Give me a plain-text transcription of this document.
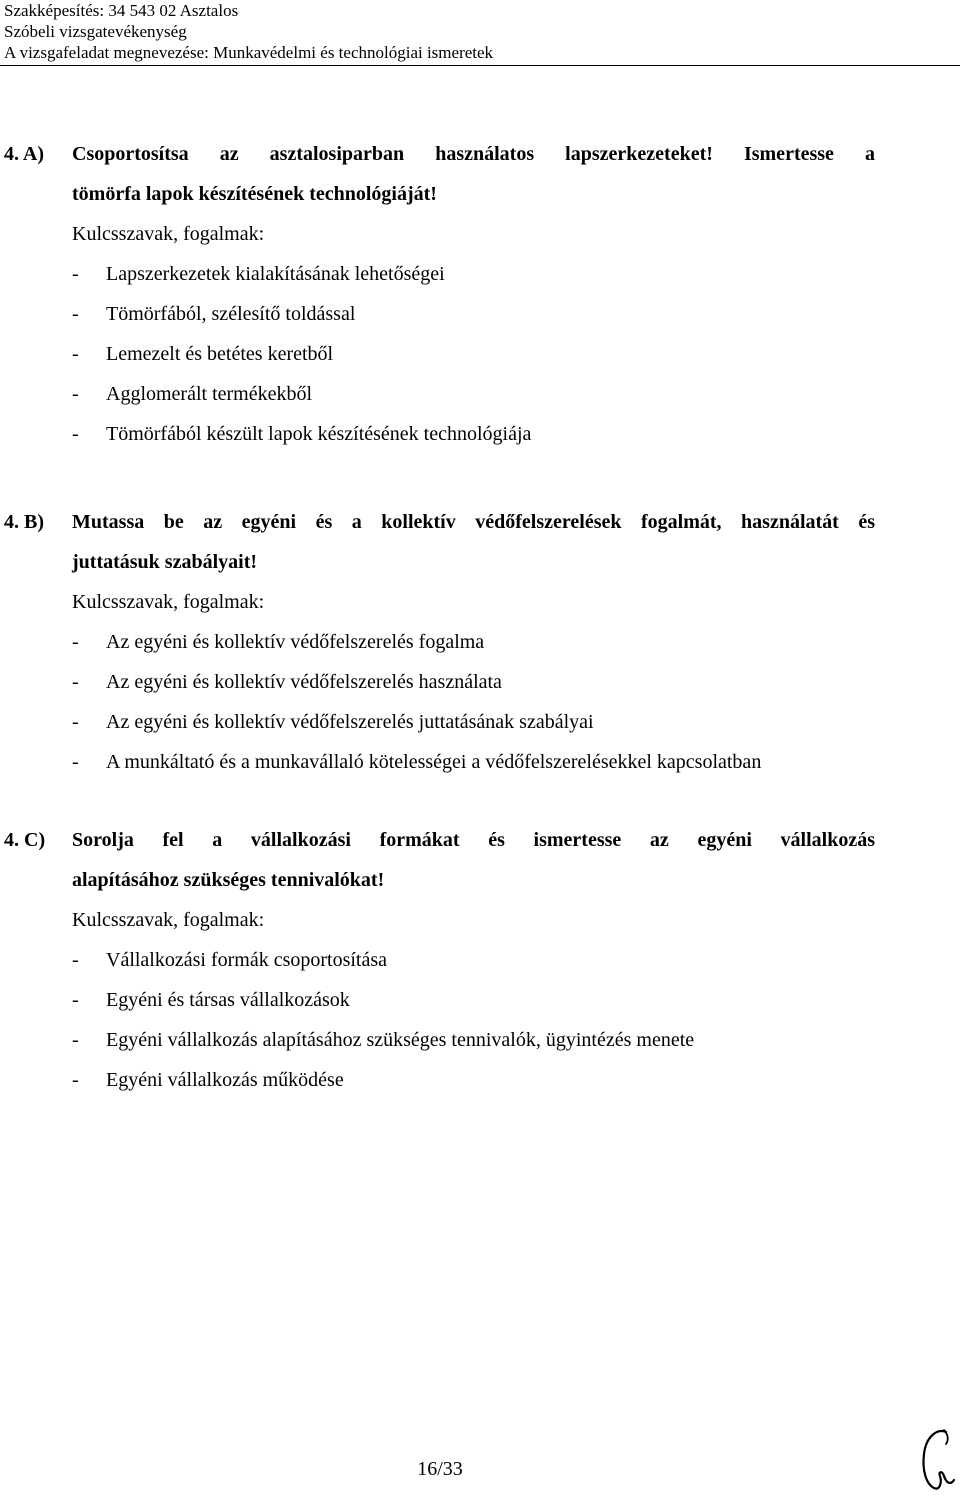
Szakképesítés: 34 543 02 Asztalos
Szóbeli vizsgatevékenység
A vizsgafeladat megnevezése: Munkavédelmi és technológiai ismeretek
4. A) Csoportosítsa az asztalosiparban használatos lapszerkezeteket! Ismertesse a
tömörfa lapok készítésének technológiáját!
Kulcsszavak, fogalmak:
- Lapszerkezetek kialakításának lehetőségei
- Tömörfából, szélesítő toldással
- Lemezelt és betétes keretből
- Agglomerált termékekből
- Tömörfából készült lapok készítésének technológiája
4. B) Mutassa be az egyéni és a kollektív védőfelszerelések fogalmát, használatát és
juttatásuk szabályait!
Kulcsszavak, fogalmak:
- Az egyéni és kollektív védőfelszerelés fogalma
- Az egyéni és kollektív védőfelszerelés használata
- Az egyéni és kollektív védőfelszerelés juttatásának szabályai
- A munkáltató és a munkavállaló kötelességei a védőfelszerelésekkel kapcsolatban
4. C) Sorolja fel a vállalkozási formákat és ismertesse az egyéni vállalkozás
alapításához szükséges tennivalókat!
Kulcsszavak, fogalmak:
- Vállalkozási formák csoportosítása
- Egyéni és társas vállalkozások
- Egyéni vállalkozás alapításához szükséges tennivalók, ügyintézés menete
- Egyéni vállalkozás működése
16/33
